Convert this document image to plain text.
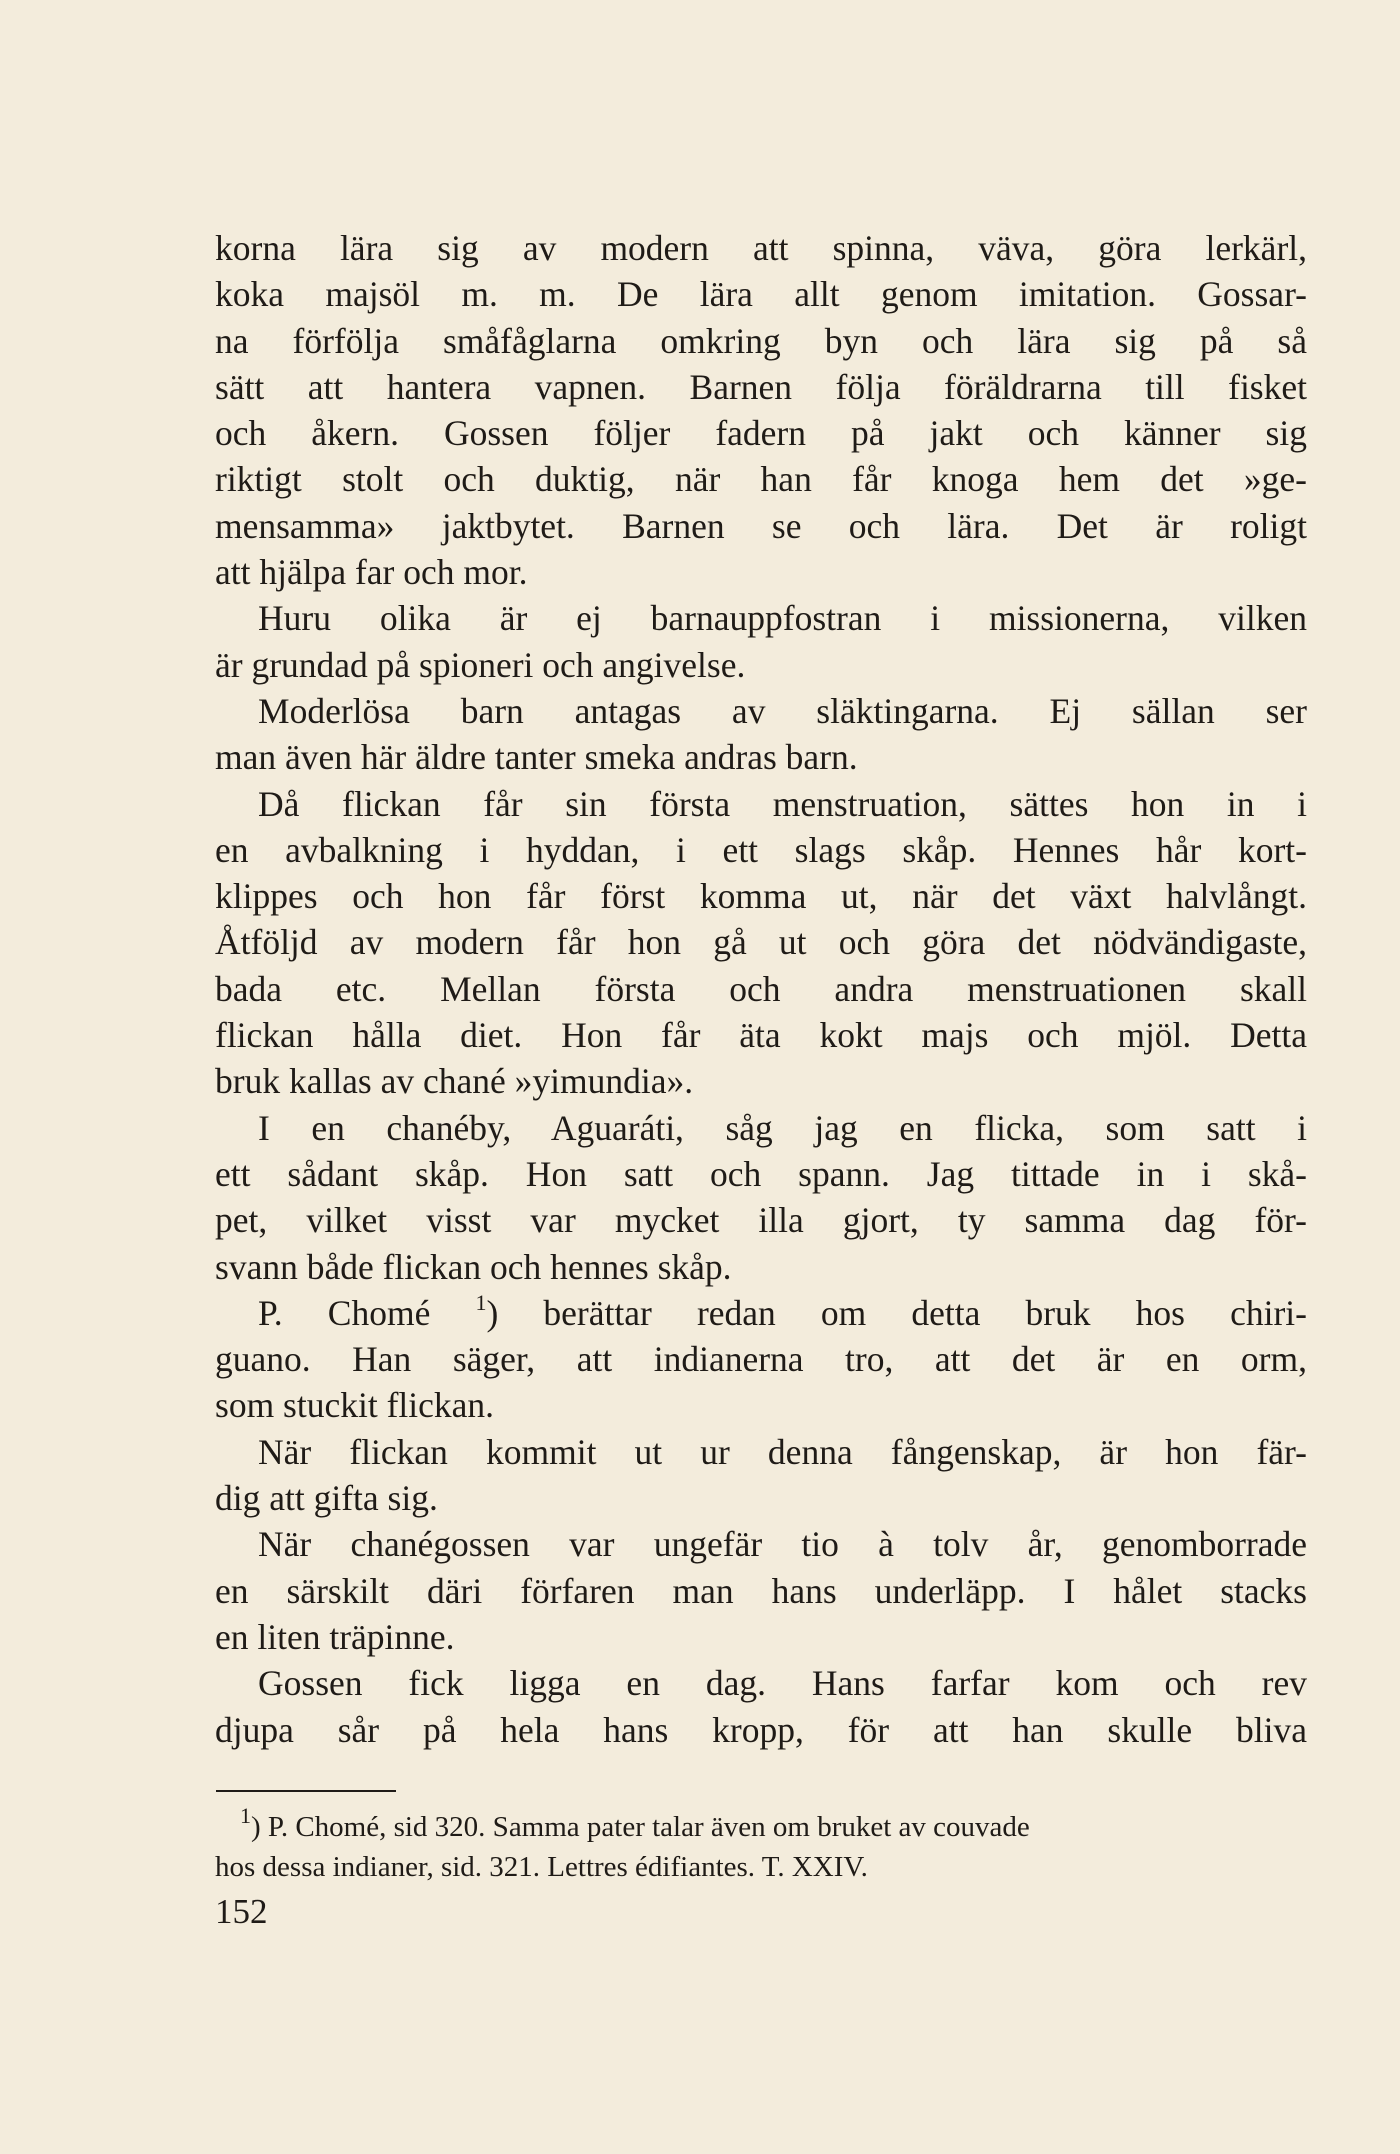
korna lära sig av modern att spinna, väva, göra lerkärl,
koka majsöl m. m. De lära allt genom imitation. Gossar-
na förfölja småfåglarna omkring byn och lära sig på så
sätt att hantera vapnen. Barnen följa föräldrarna till fisket
och åkern. Gossen följer fadern på jakt och känner sig
riktigt stolt och duktig, när han får knoga hem det »ge-
mensamma» jaktbytet. Barnen se och lära. Det är roligt
att hjälpa far och mor.
Huru olika är ej barnauppfostran i missionerna, vilken
är grundad på spioneri och angivelse.
Moderlösa barn antagas av släktingarna. Ej sällan ser
man även här äldre tanter smeka andras barn.
Då flickan får sin första menstruation, sättes hon in i
en avbalkning i hyddan, i ett slags skåp. Hennes hår kort-
klippes och hon får först komma ut, när det växt halvlångt.
Åtföljd av modern får hon gå ut och göra det nödvändigaste,
bada etc. Mellan första och andra menstruationen skall
flickan hålla diet. Hon får äta kokt majs och mjöl. Detta
bruk kallas av chané »yimundia».
I en chanéby, Aguaráti, såg jag en flicka, som satt i
ett sådant skåp. Hon satt och spann. Jag tittade in i skå-
pet, vilket visst var mycket illa gjort, ty samma dag för-
svann både flickan och hennes skåp.
P. Chomé $^1$) berättar redan om detta bruk hos chiri-
guano. Han säger, att indianerna tro, att det är en orm,
som stuckit flickan.
När flickan kommit ut ur denna fångenskap, är hon fär-
dig att gifta sig.
När chanégossen var ungefär tio à tolv år, genomborrade
en särskilt däri förfaren man hans underläpp. I hålet stacks
en liten träpinne.
Gossen fick ligga en dag. Hans farfar kom och rev
djupa sår på hela hans kropp, för att han skulle bliva
$^1$) P. Chomé, sid 320. Samma pater talar även om bruket av couvade
hos dessa indianer, sid. 321. Lettres édifiantes. T. XXIV.
152
